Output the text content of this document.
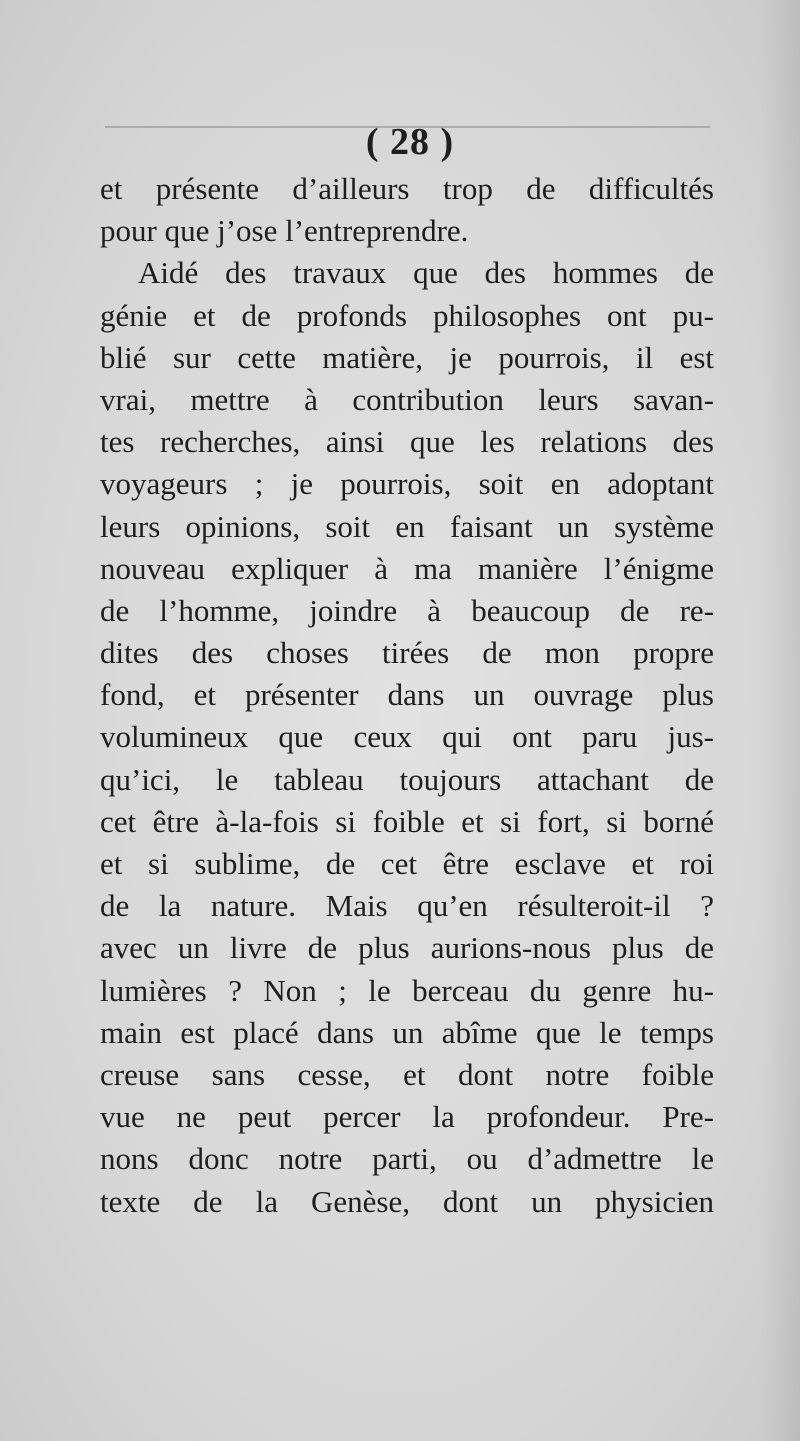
( 28 )
et présente d’ailleurs trop de difficultés
pour que j’ose l’entreprendre.
Aidé des travaux que des hommes de
génie et de profonds philosophes ont pu-
blié sur cette matière, je pourrois, il est
vrai, mettre à contribution leurs savan-
tes recherches, ainsi que les relations des
voyageurs ; je pourrois, soit en adoptant
leurs opinions, soit en faisant un système
nouveau expliquer à ma manière l’énigme
de l’homme, joindre à beaucoup de re-
dites des choses tirées de mon propre
fond, et présenter dans un ouvrage plus
volumineux que ceux qui ont paru jus-
qu’ici, le tableau toujours attachant de
cet être à-la-fois si foible et si fort, si borné
et si sublime, de cet être esclave et roi
de la nature. Mais qu’en résulteroit-il ?
avec un livre de plus aurions-nous plus de
lumières ? Non ; le berceau du genre hu-
main est placé dans un abîme que le temps
creuse sans cesse, et dont notre foible
vue ne peut percer la profondeur. Pre-
nons donc notre parti, ou d’admettre le
texte de la Genèse, dont un physicien
